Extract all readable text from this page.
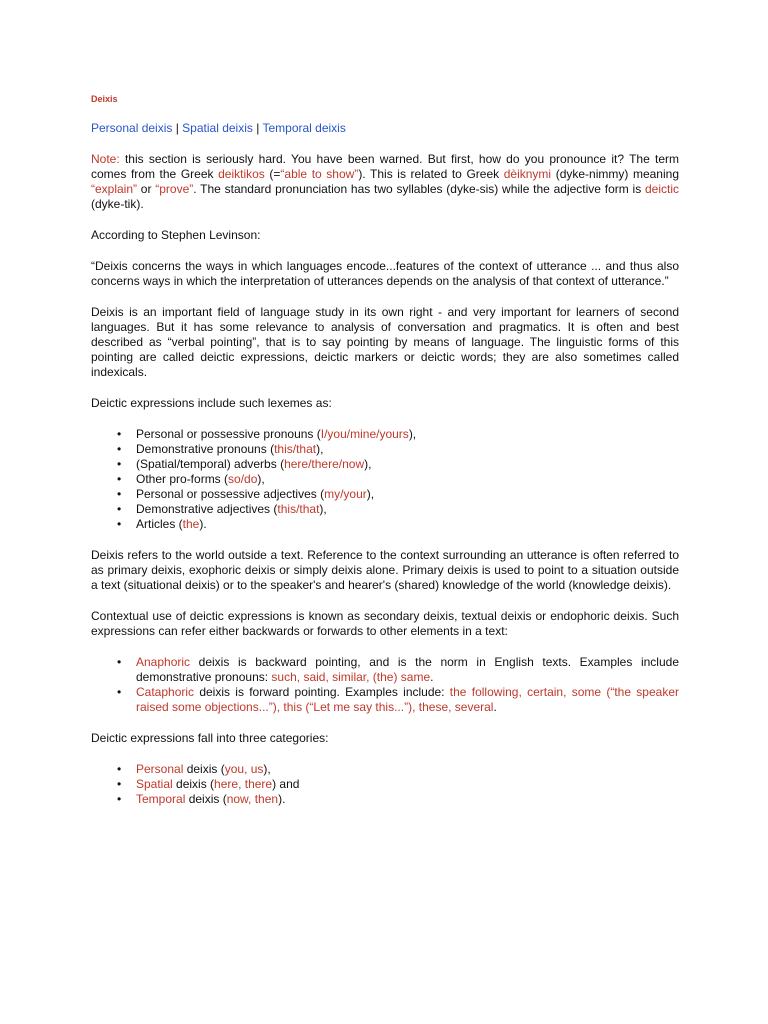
Deixis
Personal deixis | Spatial deixis | Temporal deixis

Note: this section is seriously hard. You have been warned. But first, how do you pronounce it? The term comes from the Greek deiktikos (=“able to show”). This is related to Greek dèiknymi (dyke-nimmy) meaning “explain” or “prove”. The standard pronunciation has two syllables (dyke-sis) while the adjective form is deictic (dyke-tik).

According to Stephen Levinson:

“Deixis concerns the ways in which languages encode...features of the context of utterance ... and thus also concerns ways in which the interpretation of utterances depends on the analysis of that context of utterance.”

Deixis is an important field of language study in its own right - and very important for learners of second languages. But it has some relevance to analysis of conversation and pragmatics. It is often and best described as “verbal pointing”, that is to say pointing by means of language. The linguistic forms of this pointing are called deictic expressions, deictic markers or deictic words; they are also sometimes called indexicals.

Deictic expressions include such lexemes as:

• Personal or possessive pronouns (I/you/mine/yours),
• Demonstrative pronouns (this/that),
• (Spatial/temporal) adverbs (here/there/now),
• Other pro-forms (so/do),
• Personal or possessive adjectives (my/your),
• Demonstrative adjectives (this/that),
• Articles (the).

Deixis refers to the world outside a text. Reference to the context surrounding an utterance is often referred to as primary deixis, exophoric deixis or simply deixis alone. Primary deixis is used to point to a situation outside a text (situational deixis) or to the speaker's and hearer's (shared) knowledge of the world (knowledge deixis).

Contextual use of deictic expressions is known as secondary deixis, textual deixis or endophoric deixis. Such expressions can refer either backwards or forwards to other elements in a text:

• Anaphoric deixis is backward pointing, and is the norm in English texts. Examples include demonstrative pronouns: such, said, similar, (the) same.
• Cataphoric deixis is forward pointing. Examples include: the following, certain, some (“the speaker raised some objections...”), this (“Let me say this...”), these, several.

Deictic expressions fall into three categories:

• Personal deixis (you, us),
• Spatial deixis (here, there) and
• Temporal deixis (now, then).
